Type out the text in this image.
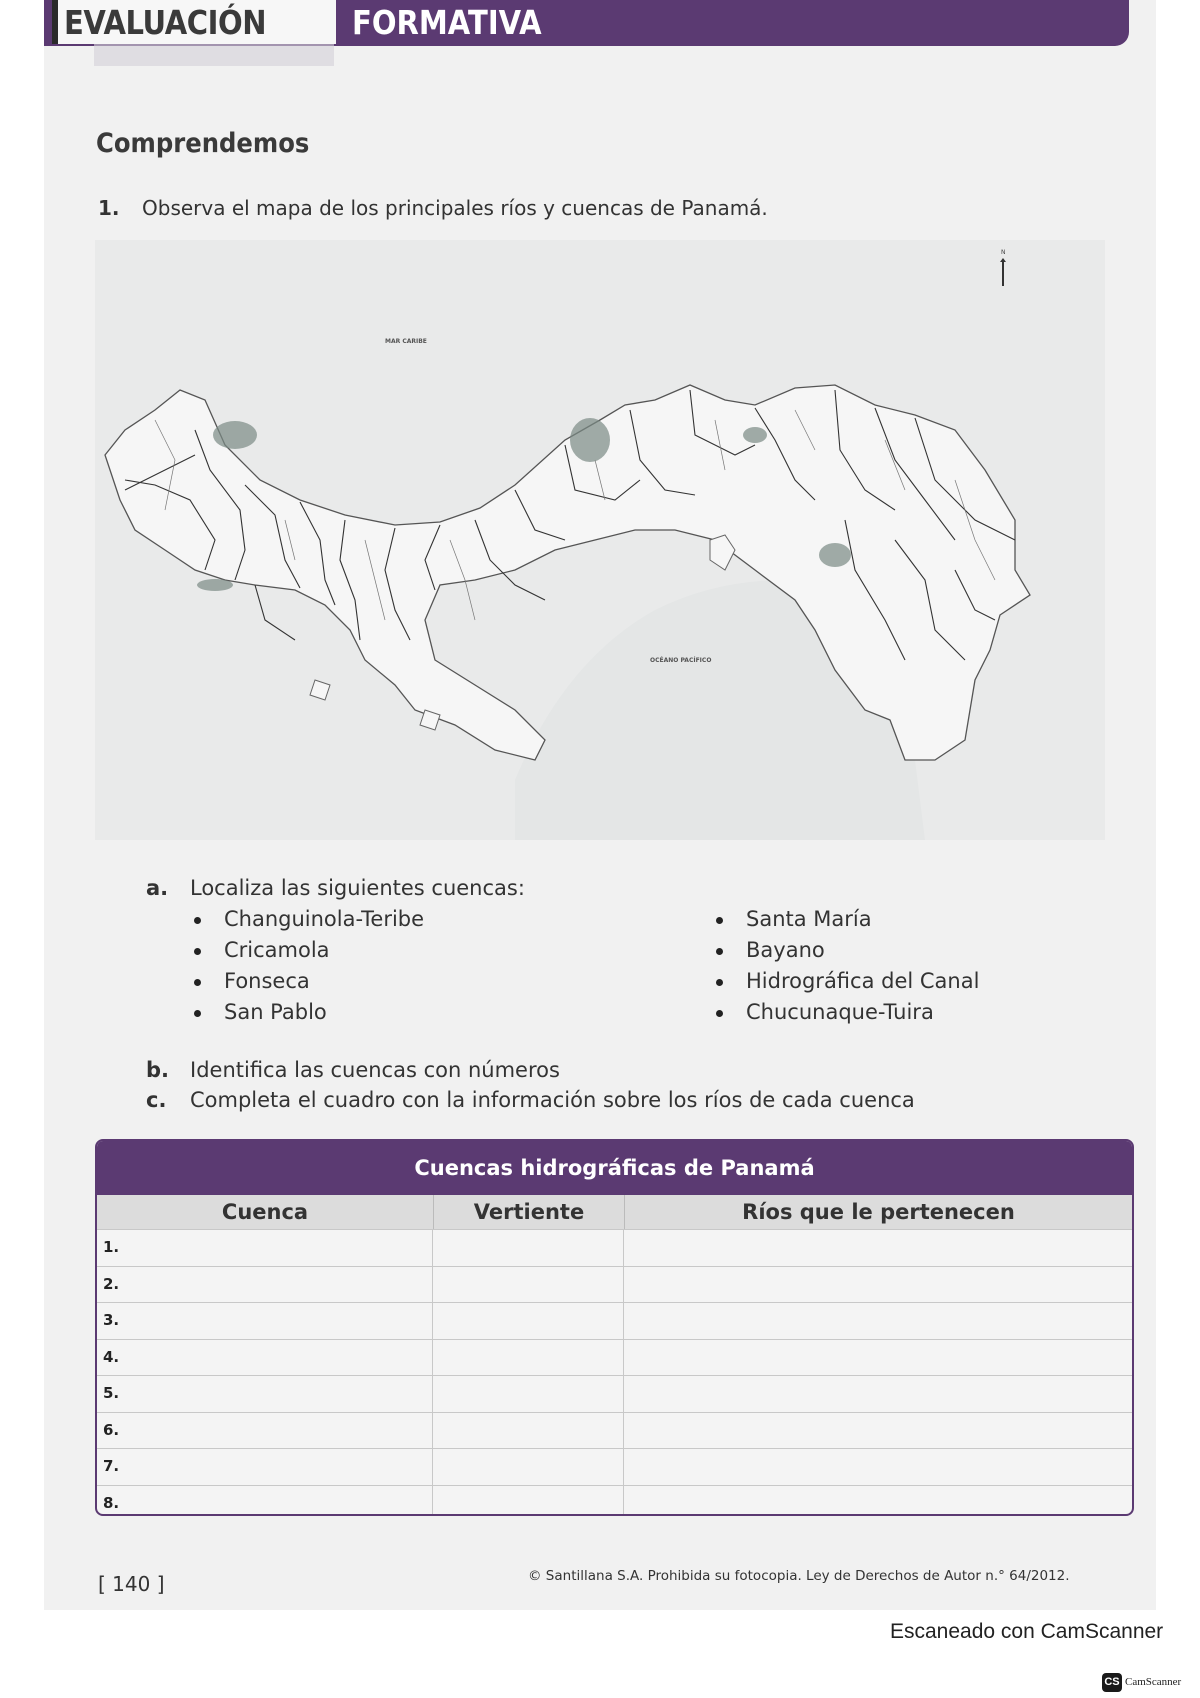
EVALUACIÓN	FORMATIVA
Comprendemos
1. Observa el mapa de los principales ríos y cuencas de Panamá.
MAR CARIBE
OCÉANO PACÍFICO
N
a. Localiza las siguientes cuencas:
Changuinola-Teribe
Cricamola
Fonseca
San Pablo
Santa María
Bayano
Hidrográfica del Canal
Chucunaque-Tuira
b. Identifica las cuencas con números
c. Completa el cuadro con la información sobre los ríos de cada cuenca
Cuencas hidrográficas de Panamá
Cuenca	Vertiente	Ríos que le pertenecen
1.
2.
3.
4.
5.
6.
7.
8.
[ 140 ]	© Santillana S.A. Prohibida su fotocopia. Ley de Derechos de Autor n.° 64/2012.
Escaneado con CamScanner
CS CamScanner
